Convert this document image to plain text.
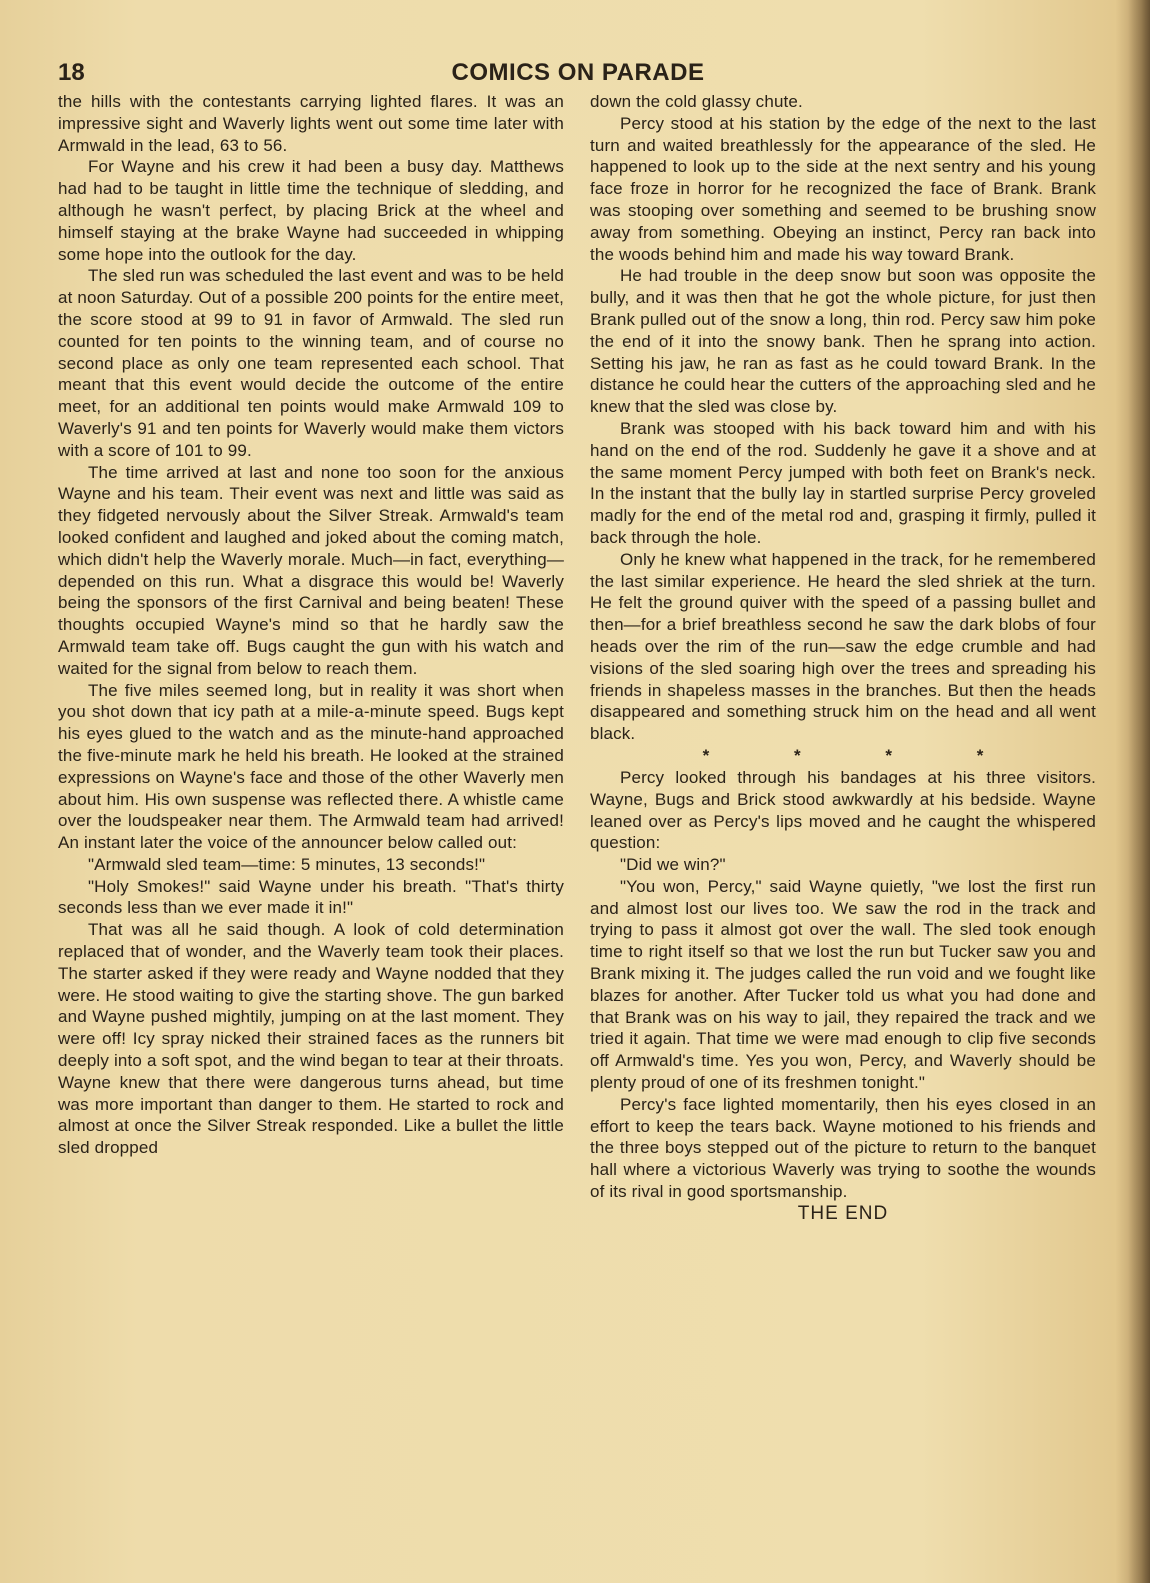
18	COMICS ON PARADE

the hills with the contestants carrying lighted flares. It was an impressive sight and Waverly lights went out some time later with Armwald in the lead, 63 to 56.

For Wayne and his crew it had been a busy day. Matthews had had to be taught in little time the technique of sledding, and although he wasn't perfect, by placing Brick at the wheel and himself staying at the brake Wayne had succeeded in whipping some hope into the outlook for the day.

The sled run was scheduled the last event and was to be held at noon Saturday. Out of a possible 200 points for the entire meet, the score stood at 99 to 91 in favor of Armwald. The sled run counted for ten points to the winning team, and of course no second place as only one team represented each school. That meant that this event would decide the outcome of the entire meet, for an additional ten points would make Armwald 109 to Waverly's 91 and ten points for Waverly would make them victors with a score of 101 to 99.

The time arrived at last and none too soon for the anxious Wayne and his team. Their event was next and little was said as they fidgeted nervously about the Silver Streak. Armwald's team looked confident and laughed and joked about the coming match, which didn't help the Waverly morale. Much—in fact, everything—depended on this run. What a disgrace this would be! Waverly being the sponsors of the first Carnival and being beaten! These thoughts occupied Wayne's mind so that he hardly saw the Armwald team take off. Bugs caught the gun with his watch and waited for the signal from below to reach them.

The five miles seemed long, but in reality it was short when you shot down that icy path at a mile-a-minute speed. Bugs kept his eyes glued to the watch and as the minute-hand approached the five-minute mark he held his breath. He looked at the strained expressions on Wayne's face and those of the other Waverly men about him. His own suspense was reflected there. A whistle came over the loudspeaker near them. The Armwald team had arrived! An instant later the voice of the announcer below called out:

"Armwald sled team—time: 5 minutes, 13 seconds!"

"Holy Smokes!" said Wayne under his breath. "That's thirty seconds less than we ever made it in!"

That was all he said though. A look of cold determination replaced that of wonder, and the Waverly team took their places. The starter asked if they were ready and Wayne nodded that they were. He stood waiting to give the starting shove. The gun barked and Wayne pushed mightily, jumping on at the last moment. They were off! Icy spray nicked their strained faces as the runners bit deeply into a soft spot, and the wind began to tear at their throats. Wayne knew that there were dangerous turns ahead, but time was more important than danger to them. He started to rock and almost at once the Silver Streak responded. Like a bullet the little sled dropped

down the cold glassy chute.

Percy stood at his station by the edge of the next to the last turn and waited breathlessly for the appearance of the sled. He happened to look up to the side at the next sentry and his young face froze in horror for he recognized the face of Brank. Brank was stooping over something and seemed to be brushing snow away from something. Obeying an instinct, Percy ran back into the woods behind him and made his way toward Brank.

He had trouble in the deep snow but soon was opposite the bully, and it was then that he got the whole picture, for just then Brank pulled out of the snow a long, thin rod. Percy saw him poke the end of it into the snowy bank. Then he sprang into action. Setting his jaw, he ran as fast as he could toward Brank. In the distance he could hear the cutters of the approaching sled and he knew that the sled was close by.

Brank was stooped with his back toward him and with his hand on the end of the rod. Suddenly he gave it a shove and at the same moment Percy jumped with both feet on Brank's neck. In the instant that the bully lay in startled surprise Percy groveled madly for the end of the metal rod and, grasping it firmly, pulled it back through the hole.

Only he knew what happened in the track, for he remembered the last similar experience. He heard the sled shriek at the turn. He felt the ground quiver with the speed of a passing bullet and then—for a brief breathless second he saw the dark blobs of four heads over the rim of the run—saw the edge crumble and had visions of the sled soaring high over the trees and spreading his friends in shapeless masses in the branches. But then the heads disappeared and something struck him on the head and all went black.

* * * *

Percy looked through his bandages at his three visitors. Wayne, Bugs and Brick stood awkwardly at his bedside. Wayne leaned over as Percy's lips moved and he caught the whispered question:

"Did we win?"

"You won, Percy," said Wayne quietly, "we lost the first run and almost lost our lives too. We saw the rod in the track and trying to pass it almost got over the wall. The sled took enough time to right itself so that we lost the run but Tucker saw you and Brank mixing it. The judges called the run void and we fought like blazes for another. After Tucker told us what you had done and that Brank was on his way to jail, they repaired the track and we tried it again. That time we were mad enough to clip five seconds off Armwald's time. Yes you won, Percy, and Waverly should be plenty proud of one of its freshmen tonight."

Percy's face lighted momentarily, then his eyes closed in an effort to keep the tears back. Wayne motioned to his friends and the three boys stepped out of the picture to return to the banquet hall where a victorious Waverly was trying to soothe the wounds of its rival in good sportsmanship.

THE END
